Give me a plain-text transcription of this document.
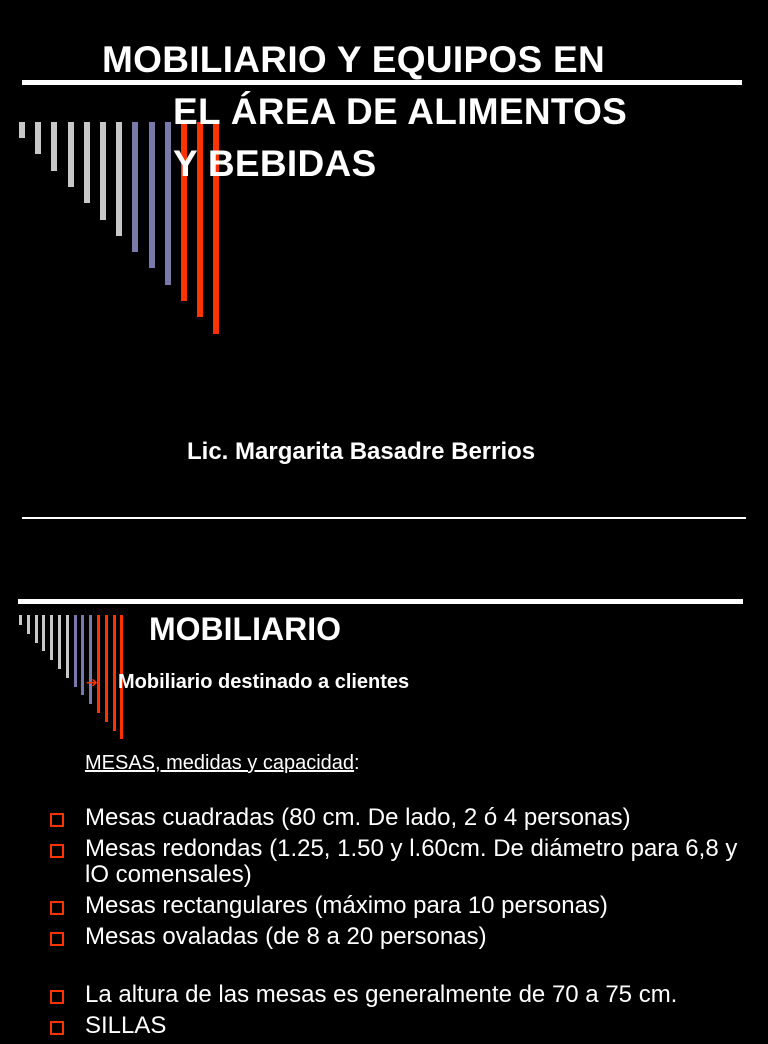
MOBILIARIO Y EQUIPOS EN
EL ÁREA DE ALIMENTOS
Y BEBIDAS
Lic. Margarita Basadre Berrios
MOBILIARIO
➔	Mobiliario destinado a clientes
MESAS, medidas y capacidad:
Mesas cuadradas (80 cm. De lado, 2 ó 4 personas)
Mesas redondas (1.25, 1.50 y l.60cm. De diámetro para 6,8 y lO comensales)
Mesas rectangulares (máximo para 10 personas)
Mesas ovaladas (de 8 a 20 personas)
La altura de las mesas es generalmente de 70 a 75 cm.
SILLAS
